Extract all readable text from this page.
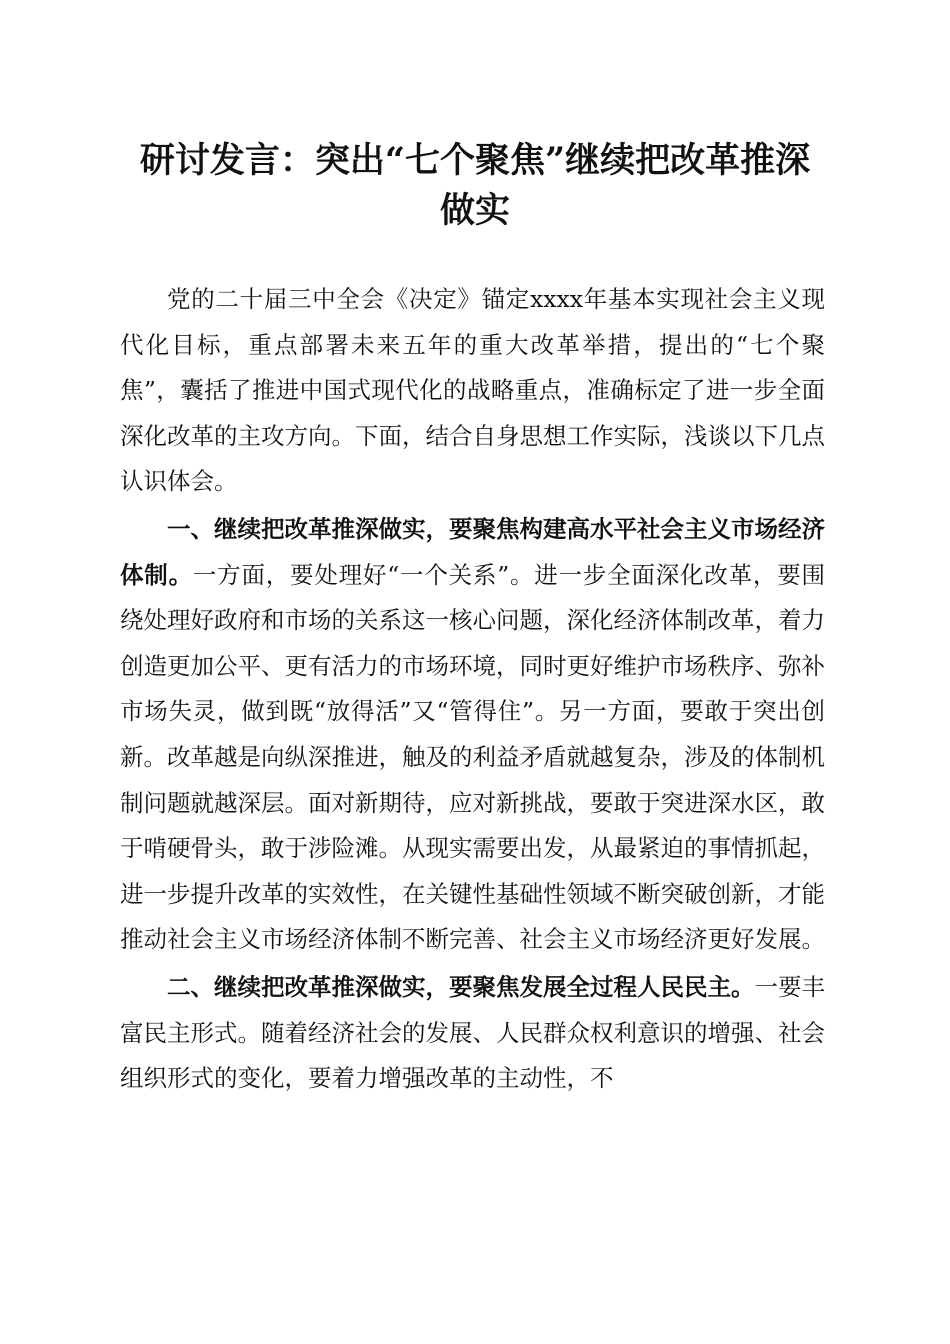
研讨发言：突出“七个聚焦”继续把改革推深
做实

党的二十届三中全会《决定》锚定xxxx年基本实现社会主义现代化目标，重点部署未来五年的重大改革举措，提出的“七个聚焦”，囊括了推进中国式现代化的战略重点，准确标定了进一步全面深化改革的主攻方向。下面，结合自身思想工作实际，浅谈以下几点认识体会。

一、继续把改革推深做实，要聚焦构建高水平社会主义市场经济体制。一方面，要处理好“一个关系”。进一步全面深化改革，要围绕处理好政府和市场的关系这一核心问题，深化经济体制改革，着力创造更加公平、更有活力的市场环境，同时更好维护市场秩序、弥补市场失灵，做到既“放得活”又“管得住”。另一方面，要敢于突出创新。改革越是向纵深推进，触及的利益矛盾就越复杂，涉及的体制机制问题就越深层。面对新期待，应对新挑战，要敢于突进深水区，敢于啃硬骨头，敢于涉险滩。从现实需要出发，从最紧迫的事情抓起，进一步提升改革的实效性，在关键性基础性领域不断突破创新，才能推动社会主义市场经济体制不断完善、社会主义市场经济更好发展。

二、继续把改革推深做实，要聚焦发展全过程人民民主。一要丰富民主形式。随着经济社会的发展、人民群众权利意识的增强、社会组织形式的变化，要着力增强改革的主动性，不
